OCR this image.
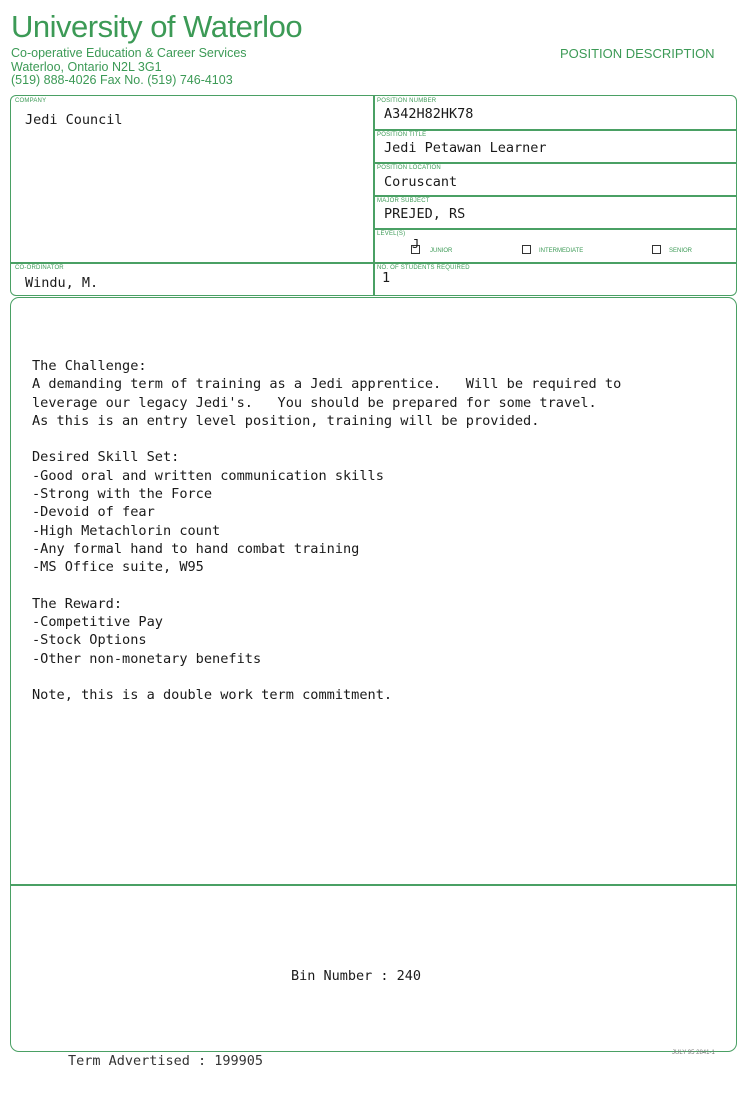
University of Waterloo
Co-operative Education & Career Services
Waterloo, Ontario N2L 3G1
(519) 888-4026 Fax No. (519) 746-4103
POSITION DESCRIPTION
COMPANY
Jedi Council
POSITION NUMBER
A342H82HK78
POSITION TITLE
Jedi Petawan Learner
POSITION LOCATION
Coruscant
MAJOR SUBJECT
PREJED, RS
LEVEL(S)
J JUNIOR	INTERMEDIATE	SENIOR
CO-ORDINATOR
Windu, M.
NO. OF STUDENTS REQUIRED
1
The Challenge:
A demanding term of training as a Jedi apprentice.   Will be required to
leverage our legacy Jedi's.   You should be prepared for some travel.
As this is an entry level position, training will be provided.
Desired Skill Set:
-Good oral and written communication skills
-Strong with the Force
-Devoid of fear
-High Metachlorin count
-Any formal hand to hand combat training
-MS Office suite, W95
The Reward:
-Competitive Pay
-Stock Options
-Other non-monetary benefits
Note, this is a double work term commitment.
Bin Number : 240
Term Advertised : 199905	JULY 95 2841-1
